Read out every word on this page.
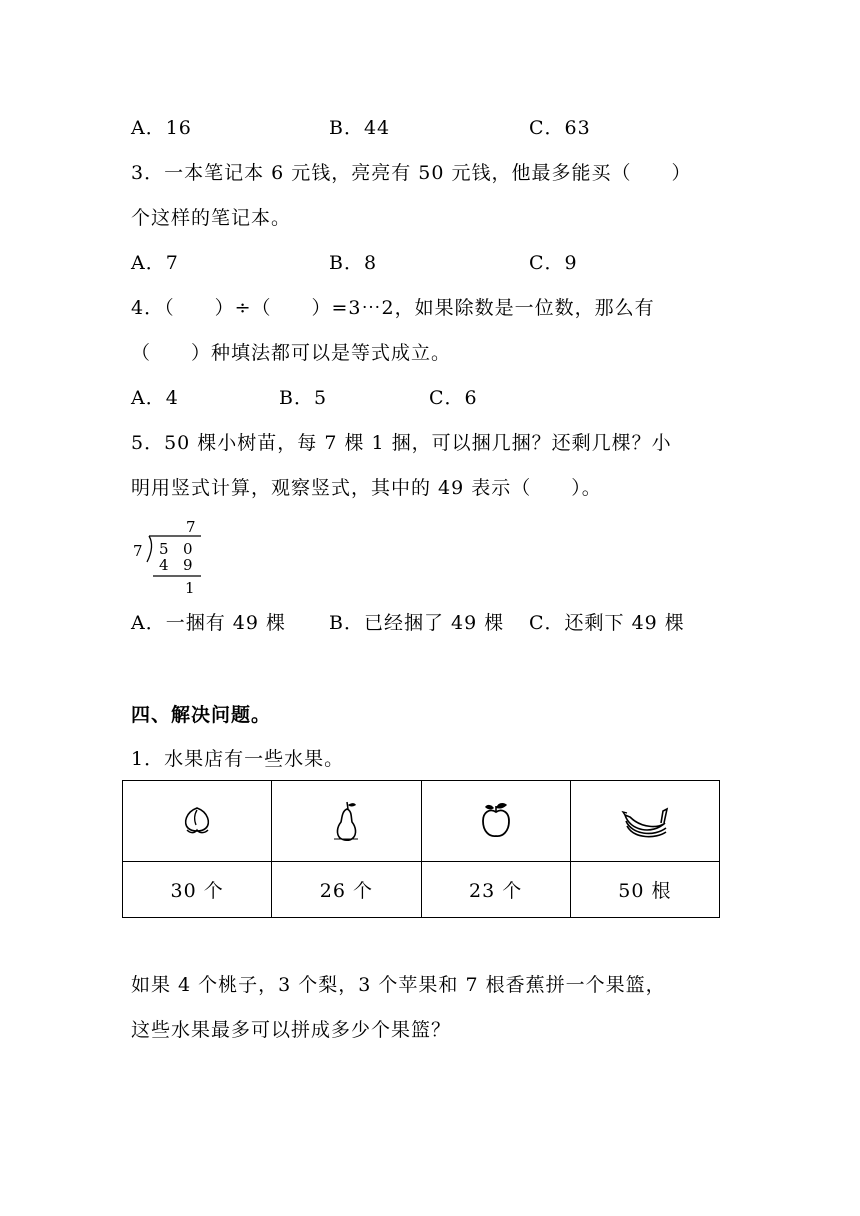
A．16	B．44	C．63
3．一本笔记本 6 元钱，亮亮有 50 元钱，他最多能买（　　）
个这样的笔记本。
A．7	B．8	C．9
4．（　　）÷（　　）=3⋯2，如果除数是一位数，那么有
（　　）种填法都可以是等式成立。
A．4	B．5	C．6
5．50 棵小树苗，每 7 棵 1 捆，可以捆几捆？还剩几棵？小
明用竖式计算，观察竖式，其中的 49 表示（　　）。
7
7 5 0
4 9
1
A．一捆有 49 棵 B．已经捆了 49 棵 C．还剩下 49 棵
四、解决问题。
1．水果店有一些水果。

30 个	26 个	23 个	50 根
如果 4 个桃子，3 个梨，3 个苹果和 7 根香蕉拼一个果篮，
这些水果最多可以拼成多少个果篮？
